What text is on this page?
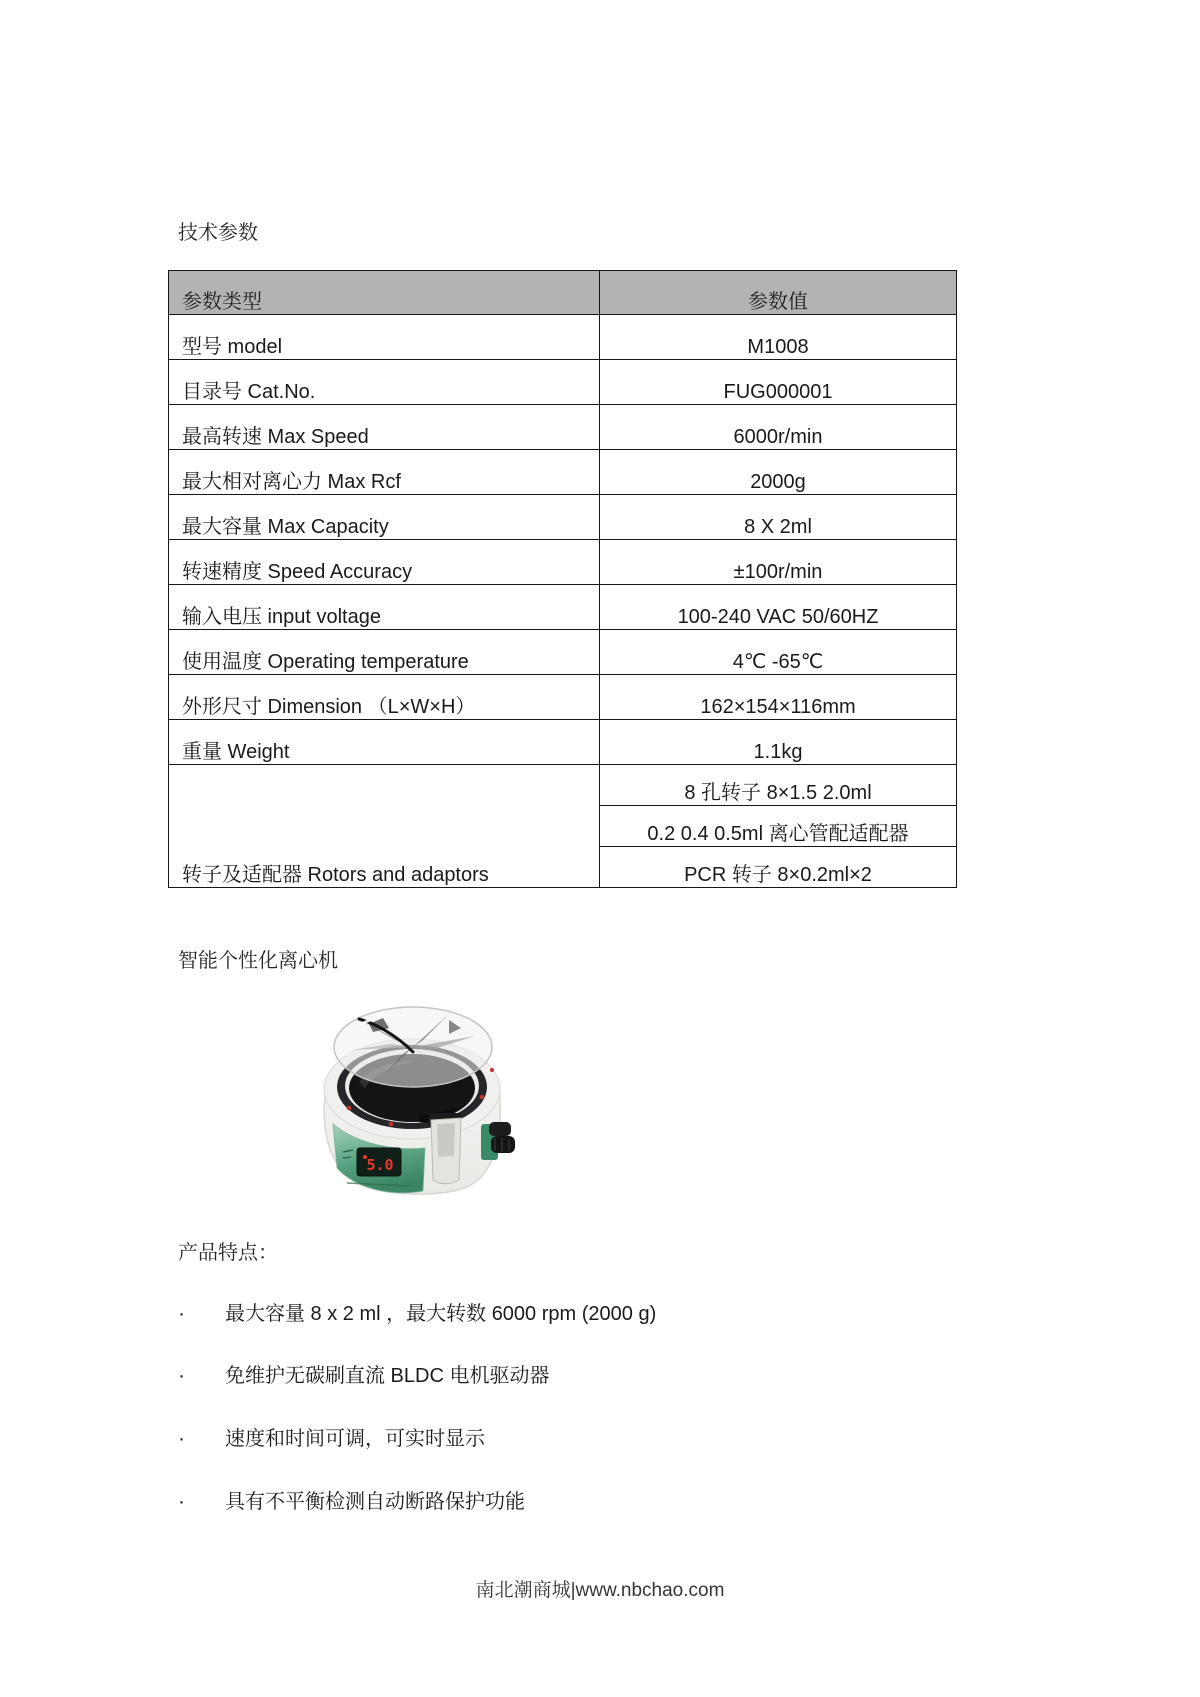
技术参数
参数类型	参数值
型号 model	M1008
目录号 Cat.No.	FUG000001
最高转速 Max Speed	6000r/min
最大相对离心力 Max Rcf	2000g
最大容量 Max Capacity	8 X 2ml
转速精度 Speed Accuracy	±100r/min
输入电压 input voltage	100-240 VAC 50/60HZ
使用温度 Operating temperature	4℃ -65℃
外形尺寸 Dimension （L×W×H）	162×154×116mm
重量 Weight	1.1kg
转子及适配器 Rotors and adaptors	8 孔转子 8×1.5 2.0ml
	0.2 0.4 0.5ml 离心管配适配器
	PCR 转子 8×0.2ml×2
智能个性化离心机
5.0
产品特点：
·	最大容量 8 x 2 ml ，最大转数 6000 rpm (2000 g)
·	免维护无碳刷直流 BLDC 电机驱动器
·	速度和时间可调，可实时显示
·	具有不平衡检测自动断路保护功能
南北潮商城|www.nbchao.com
